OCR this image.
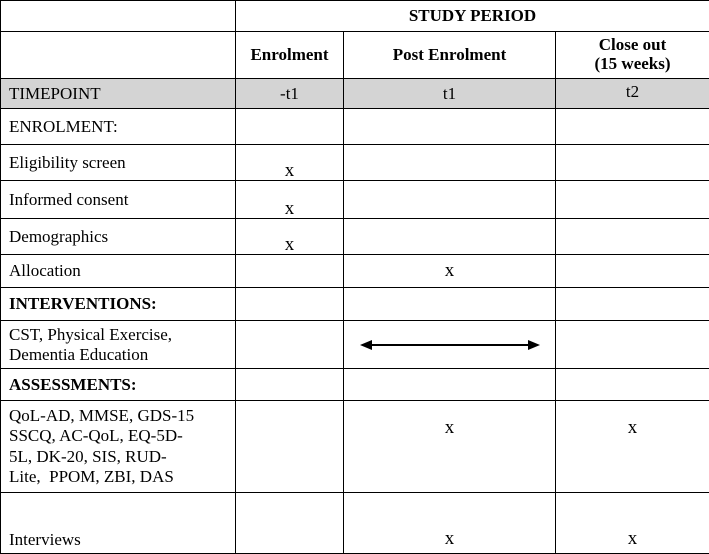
	STUDY PERIOD		
	Enrolment	Post Enrolment	Close out
(15 weeks)
TIMEPOINT	-t1	t1	t2
ENROLMENT:			
Eligibility screen	x		
Informed consent	x		
Demographics	x		
Allocation		x	
INTERVENTIONS:			
CST, Physical Exercise,
Dementia Education		

ASSESSMENTS:			
QoL-AD, MMSE, GDS-15
SSCQ, AC-QoL, EQ-5D-
5L, DK-20, SIS, RUD-
Lite,  PPOM, ZBI, DAS		x	x
Interviews		x	x
